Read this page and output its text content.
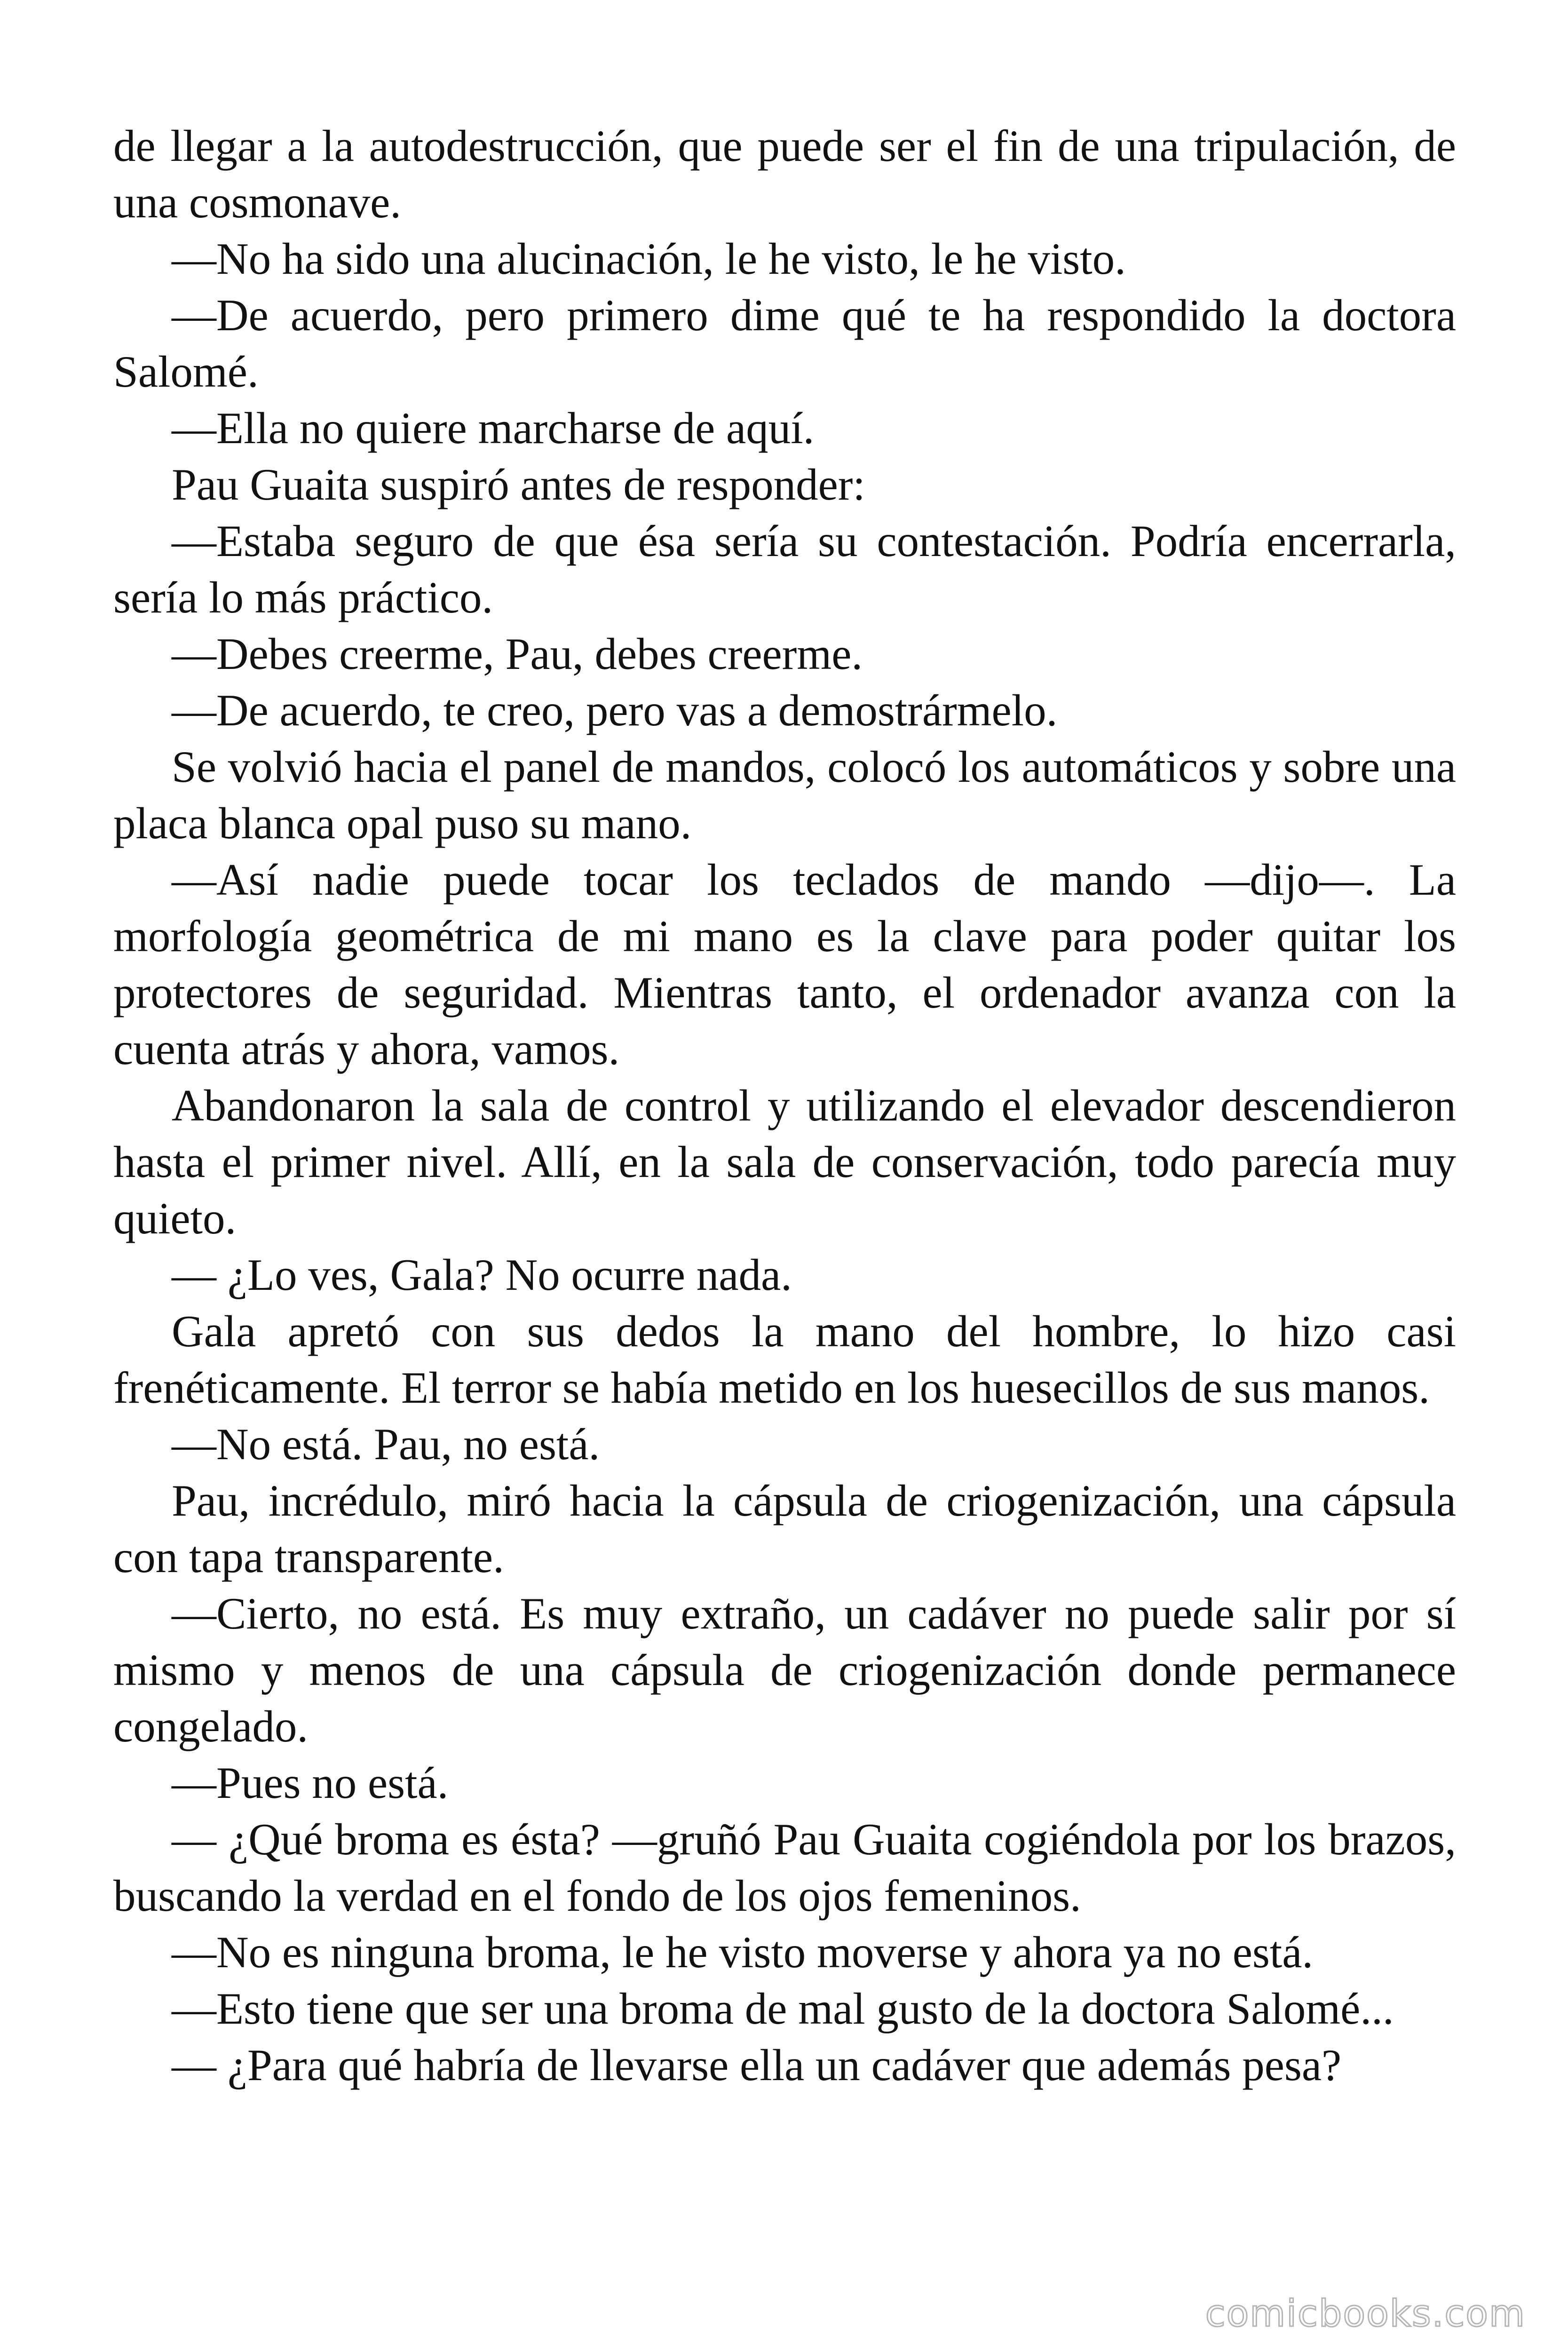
de llegar a la autodestrucción, que puede ser el fin de una tripulación, de una cosmonave.

—No ha sido una alucinación, le he visto, le he visto.

—De acuerdo, pero primero dime qué te ha respondido la doctora Salomé.

—Ella no quiere marcharse de aquí.

Pau Guaita suspiró antes de responder:

—Estaba seguro de que ésa sería su contestación. Podría encerrarla, sería lo más práctico.

—Debes creerme, Pau, debes creerme.

—De acuerdo, te creo, pero vas a demostrármelo.

Se volvió hacia el panel de mandos, colocó los automáticos y sobre una placa blanca opal puso su mano.

—Así nadie puede tocar los teclados de mando —dijo—. La morfología geométrica de mi mano es la clave para poder quitar los protectores de seguridad. Mientras tanto, el ordenador avanza con la cuenta atrás y ahora, vamos.

Abandonaron la sala de control y utilizando el elevador descendieron hasta el primer nivel. Allí, en la sala de conservación, todo parecía muy quieto.

— ¿Lo ves, Gala? No ocurre nada.

Gala apretó con sus dedos la mano del hombre, lo hizo casi frenéticamente. El terror se había metido en los huesecillos de sus manos.

—No está. Pau, no está.

Pau, incrédulo, miró hacia la cápsula de criogenización, una cápsula con tapa transparente.

—Cierto, no está. Es muy extraño, un cadáver no puede salir por sí mismo y menos de una cápsula de criogenización donde permanece congelado.

—Pues no está.

— ¿Qué broma es ésta? —gruñó Pau Guaita cogiéndola por los brazos, buscando la verdad en el fondo de los ojos femeninos.

—No es ninguna broma, le he visto moverse y ahora ya no está.

—Esto tiene que ser una broma de mal gusto de la doctora Salomé...

— ¿Para qué habría de llevarse ella un cadáver que además pesa?

comicbooks.com
